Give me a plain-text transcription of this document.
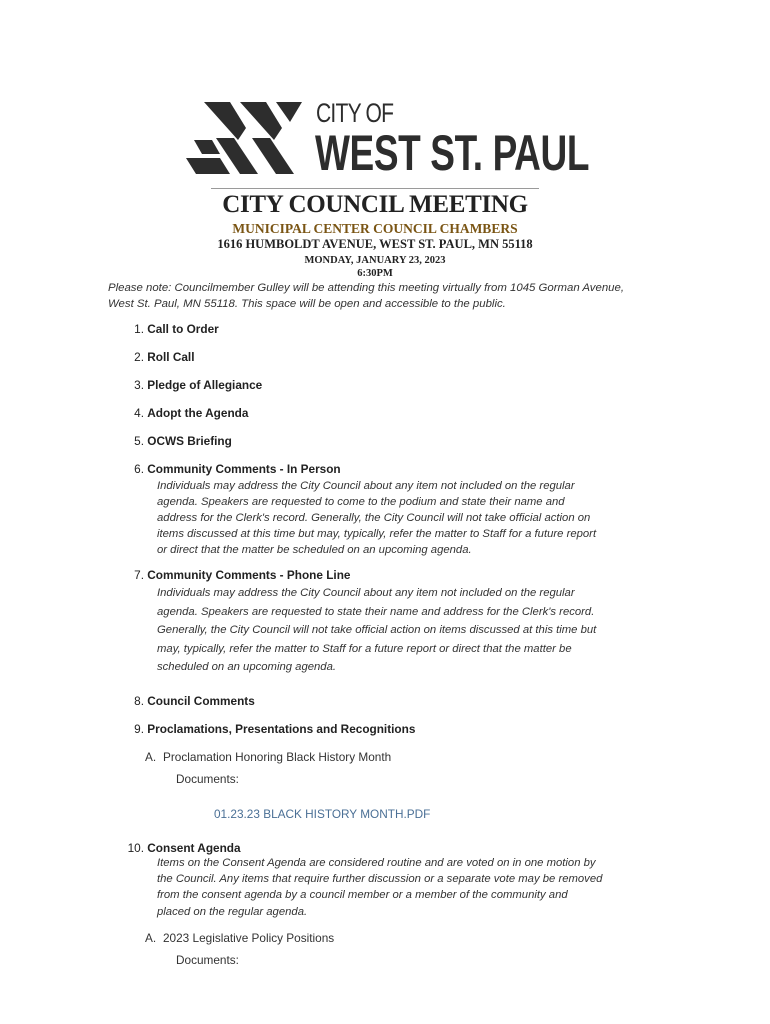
CITY OF
WEST ST. PAUL
CITY COUNCIL MEETING
MUNICIPAL CENTER COUNCIL CHAMBERS
1616 HUMBOLDT AVENUE, WEST ST. PAUL, MN 55118
MONDAY, JANUARY 23, 2023
6:30PM
Please note: Councilmember Gulley will be attending this meeting virtually from 1045 Gorman Avenue, West St. Paul, MN 55118. This space will be open and accessible to the public.
1. Call to Order
2. Roll Call
3. Pledge of Allegiance
4. Adopt the Agenda
5. OCWS Briefing
6. Community Comments - In Person
Individuals may address the City Council about any item not included on the regular
agenda. Speakers are requested to come to the podium and state their name and
address for the Clerk's record. Generally, the City Council will not take official action on
items discussed at this time but may, typically, refer the matter to Staff for a future report
or direct that the matter be scheduled on an upcoming agenda.
7. Community Comments - Phone Line
Individuals may address the City Council about any item not included on the regular
agenda. Speakers are requested to state their name and address for the Clerk's record.
Generally, the City Council will not take official action on items discussed at this time but
may, typically, refer the matter to Staff for a future report or direct that the matter be
scheduled on an upcoming agenda.
8. Council Comments
9. Proclamations, Presentations and Recognitions
A. Proclamation Honoring Black History Month
Documents:
01.23.23 BLACK HISTORY MONTH.PDF
10. Consent Agenda
Items on the Consent Agenda are considered routine and are voted on in one motion by
the Council. Any items that require further discussion or a separate vote may be removed
from the consent agenda by a council member or a member of the community and
placed on the regular agenda.
A. 2023 Legislative Policy Positions
Documents:
